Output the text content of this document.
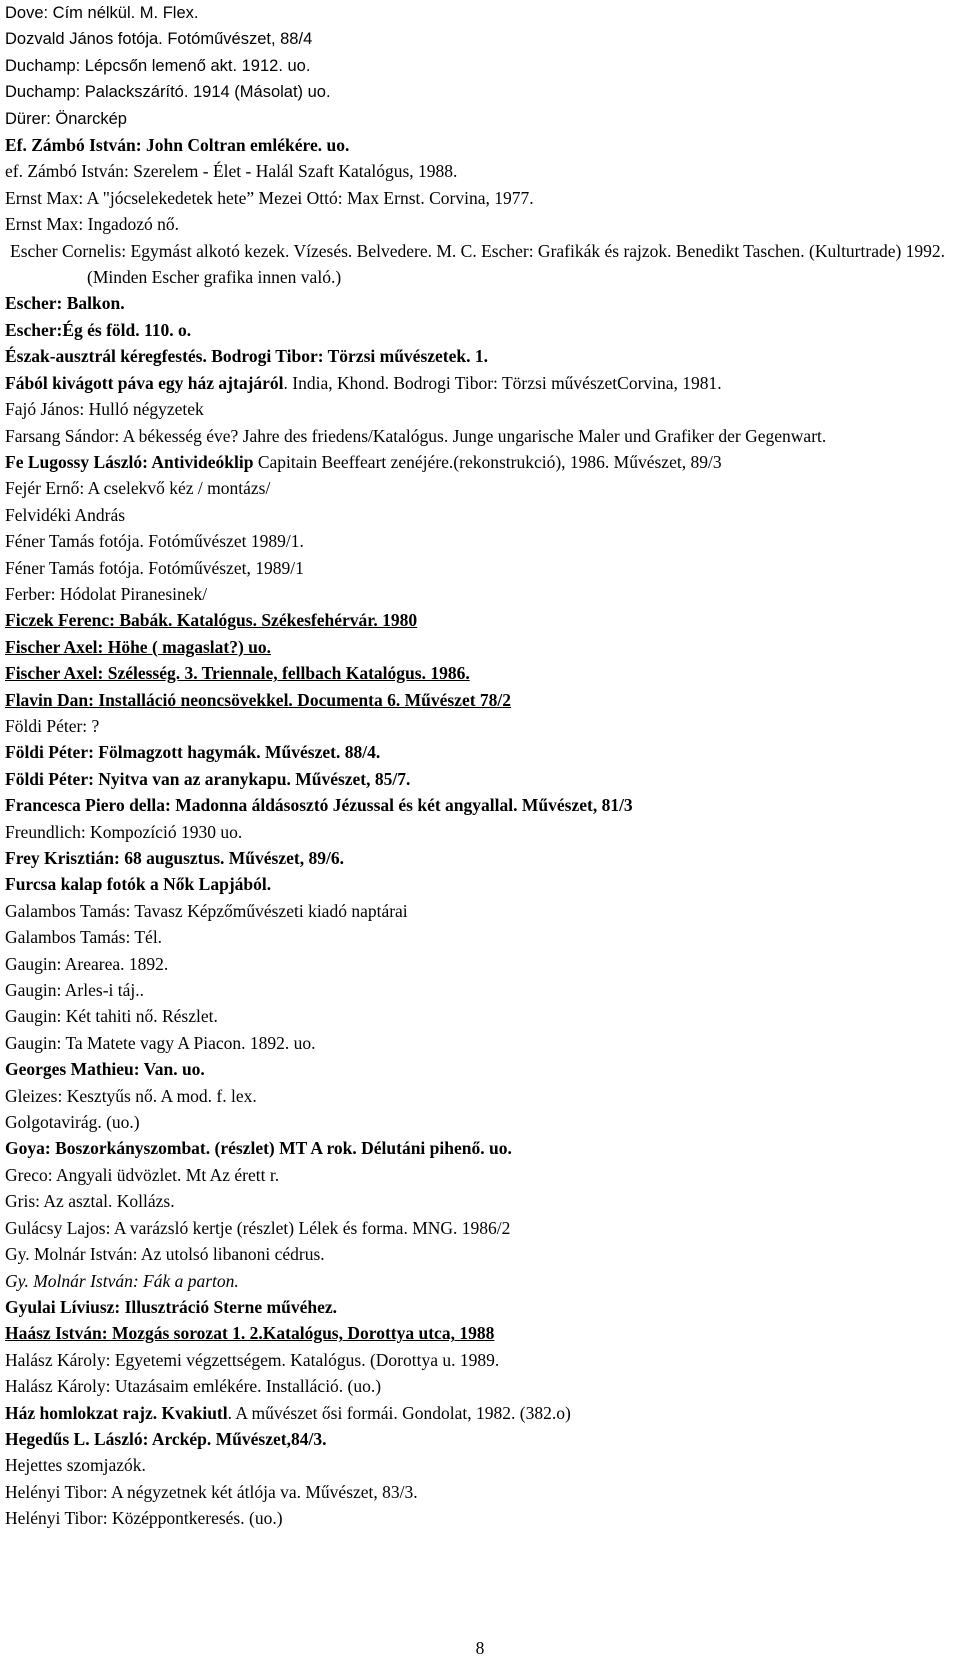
Dove: Cím nélkül. M. Flex.
Dozvald János fotója. Fotóművészet, 88/4
Duchamp: Lépcsőn lemenő akt. 1912. uo.
Duchamp: Palackszárító. 1914 (Másolat) uo.
Dürer: Önarckép
Ef. Zámbó István: John Coltran emlékére. uo.
ef. Zámbó István: Szerelem - Élet - Halál Szaft Katalógus, 1988.
Ernst Max: A "jócselekedetek hete” Mezei Ottó: Max Ernst. Corvina, 1977.
Ernst Max: Ingadozó nő.
Escher Cornelis: Egymást alkotó kezek. Vízesés. Belvedere. M. C. Escher: Grafikák és rajzok. Benedikt Taschen. (Kulturtrade) 1992. (Minden Escher grafika innen való.)
Escher: Balkon.
Escher:Ég és föld. 110. o.
Észak-ausztrál kéregfestés. Bodrogi Tibor: Törzsi művészetek. 1.
Fából kivágott páva egy ház ajtajáról. India, Khond. Bodrogi Tibor: Törzsi művészetCorvina, 1981.
Fajó János: Hulló négyzetek
Farsang Sándor: A békesség éve? Jahre des friedens/Katalógus. Junge ungarische Maler und Grafiker der Gegenwart.
Fe Lugossy László: Antivideóklip Capitain Beeffeart zenéjére.(rekonstrukció), 1986. Művészet, 89/3
Fejér Ernő: A cselekvő kéz / montázs/
Felvidéki András
Féner Tamás fotója. Fotóművészet 1989/1.
Féner Tamás fotója. Fotóművészet, 1989/1
Ferber: Hódolat Piranesinek/
Ficzek Ferenc: Babák. Katalógus. Székesfehérvár. 1980
Fischer Axel: Höhe ( magaslat?) uo.
Fischer Axel: Szélesség. 3. Triennale, fellbach Katalógus. 1986.
Flavin Dan: Installáció neoncsövekkel. Documenta 6. Művészet 78/2
Földi Péter: ?
Földi Péter: Fölmagzott hagymák. Művészet. 88/4.
Földi Péter: Nyitva van az aranykapu. Művészet, 85/7.
Francesca Piero della: Madonna áldásosztó Jézussal és két angyallal. Művészet, 81/3
Freundlich: Kompozíció 1930 uo.
Frey Krisztián: 68 augusztus. Művészet, 89/6.
Furcsa kalap fotók a Nők Lapjából.
Galambos Tamás: Tavasz Képzőművészeti kiadó naptárai
Galambos Tamás: Tél.
Gaugin: Arearea. 1892.
Gaugin: Arles-i táj..
Gaugin: Két tahiti nő. Részlet.
Gaugin: Ta Matete vagy A Piacon. 1892. uo.
Georges Mathieu: Van. uo.
Gleizes: Kesztyűs nő. A mod. f. lex.
Golgotavirág. (uo.)
Goya: Boszorkányszombat. (részlet) MT A rok. Délutáni pihenő. uo.
Greco: Angyali üdvözlet. Mt Az érett r.
Gris: Az asztal. Kollázs.
Gulácsy Lajos: A varázsló kertje (részlet) Lélek és forma. MNG. 1986/2
Gy. Molnár István: Az utolsó libanoni cédrus.
Gy. Molnár István: Fák a parton.
Gyulai Líviusz: Illusztráció Sterne művéhez.
Haász István: Mozgás sorozat 1. 2.Katalógus, Dorottya utca, 1988
Halász Károly: Egyetemi végzettségem. Katalógus. (Dorottya u. 1989.
Halász Károly: Utazásaim emlékére. Installáció. (uo.)
Ház homlokzat rajz. Kvakiutl. A művészet ősi formái. Gondolat, 1982. (382.o)
Hegedűs L. László: Arckép. Művészet,84/3.
Hejettes szomjazók.
Helényi Tibor: A négyzetnek két átlója va. Művészet, 83/3.
Helényi Tibor: Középpontkeresés. (uo.)
8
